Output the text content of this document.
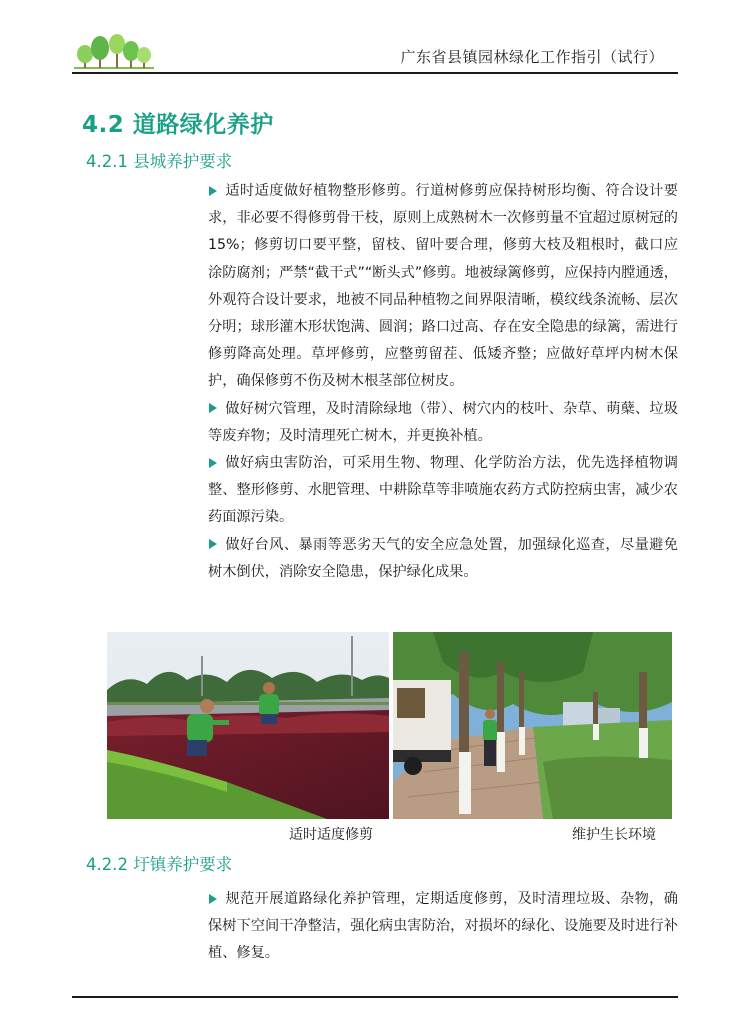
广东省县镇园林绿化工作指引（试行）
4.2 道路绿化养护
4.2.1 县城养护要求

适时适度做好植物整形修剪。行道树修剪应保持树形均衡、符合设计要求，非必要不得修剪骨干枝，原则上成熟树木一次修剪量不宜超过原树冠的15%；修剪切口要平整，留枝、留叶要合理，修剪大枝及粗根时，截口应涂防腐剂；严禁“截干式”“断头式”修剪。地被绿篱修剪，应保持内膛通透，外观符合设计要求，地被不同品种植物之间界限清晰，模纹线条流畅、层次分明；球形灌木形状饱满、圆润；路口过高、存在安全隐患的绿篱，需进行修剪降高处理。草坪修剪，应整剪留茬、低矮齐整；应做好草坪内树木保护，确保修剪不伤及树木根茎部位树皮。

做好树穴管理，及时清除绿地（带）、树穴内的枝叶、杂草、萌蘖、垃圾等废弃物；及时清理死亡树木，并更换补植。

做好病虫害防治，可采用生物、物理、化学防治方法，优先选择植物调整、整形修剪、水肥管理、中耕除草等非喷施农药方式防控病虫害，减少农药面源污染。

做好台风、暴雨等恶劣天气的安全应急处置，加强绿化巡查，尽量避免树木倒伏，消除安全隐患，保护绿化成果。

适时适度修剪	维护生长环境
4.2.2 圩镇养护要求

规范开展道路绿化养护管理，定期适度修剪，及时清理垃圾、杂物，确保树下空间干净整洁，强化病虫害防治，对损坏的绿化、设施要及时进行补植、修复。
